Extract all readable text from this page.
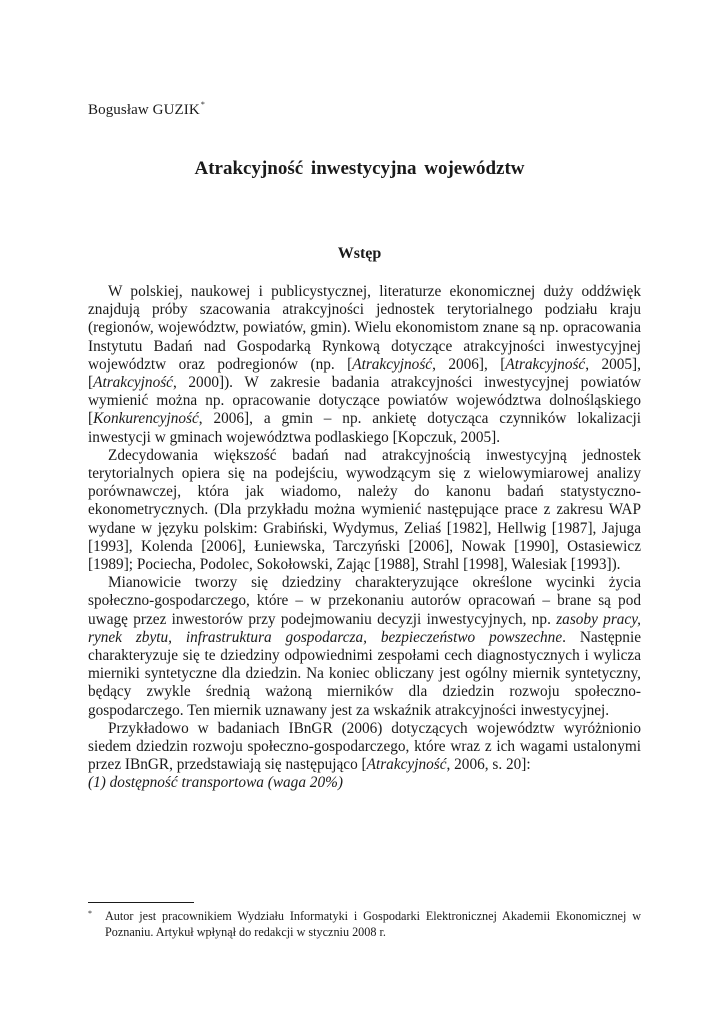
Bogusław GUZIK*
Atrakcyjność inwestycyjna województw
Wstęp

W polskiej, naukowej i publicystycznej, literaturze ekonomicznej duży oddźwięk znajdują próby szacowania atrakcyjności jednostek terytorialnego podziału kraju (regionów, województw, powiatów, gmin). Wielu ekonomistom znane są np. opracowania Instytutu Badań nad Gospodarką Rynkową dotyczące atrakcyjności inwestycyjnej województw oraz podregionów (np. [Atrakcyjność, 2006], [Atrakcyjność, 2005], [Atrakcyjność, 2000]). W zakresie badania atrakcyjności inwestycyjnej powiatów wymienić można np. opracowanie dotyczące powiatów województwa dolnośląskiego [Konkurencyjność, 2006], a gmin – np. ankietę dotycząca czynników lokalizacji inwestycji w gminach województwa podlaskiego [Kopczuk, 2005].

Zdecydowania większość badań nad atrakcyjnością inwestycyjną jednostek terytorialnych opiera się na podejściu, wywodzącym się z wielowymiarowej analizy porównawczej, która jak wiadomo, należy do kanonu badań statystyczno-ekonometrycznych. (Dla przykładu można wymienić następujące prace z zakresu WAP wydane w języku polskim: Grabiński, Wydymus, Zeliaś [1982], Hellwig [1987], Jajuga [1993], Kolenda [2006], Łuniewska, Tarczyński [2006], Nowak [1990], Ostasiewicz [1989]; Pociecha, Podolec, Sokołowski, Zając [1988], Strahl [1998], Walesiak [1993]).

Mianowicie tworzy się dziedziny charakteryzujące określone wycinki życia społeczno-gospodarczego, które – w przekonaniu autorów opracowań – brane są pod uwagę przez inwestorów przy podejmowaniu decyzji inwestycyjnych, np. zasoby pracy, rynek zbytu, infrastruktura gospodarcza, bezpieczeństwo powszechne. Następnie charakteryzuje się te dziedziny odpowiednimi zespołami cech diagnostycznych i wylicza mierniki syntetyczne dla dziedzin. Na koniec obliczany jest ogólny miernik syntetyczny, będący zwykle średnią ważoną mierników dla dziedzin rozwoju społeczno-gospodarczego. Ten miernik uznawany jest za wskaźnik atrakcyjności inwestycyjnej.

Przykładowo w badaniach IBnGR (2006) dotyczących województw wyróżnionio siedem dziedzin rozwoju społeczno-gospodarczego, które wraz z ich wagami ustalonymi przez IBnGR, przedstawiają się następująco [Atrakcyjność, 2006, s. 20]:

(1) dostępność transportowa (waga 20%)

* Autor jest pracownikiem Wydziału Informatyki i Gospodarki Elektronicznej Akademii Ekonomicznej w Poznaniu. Artykuł wpłynął do redakcji w styczniu 2008 r.
